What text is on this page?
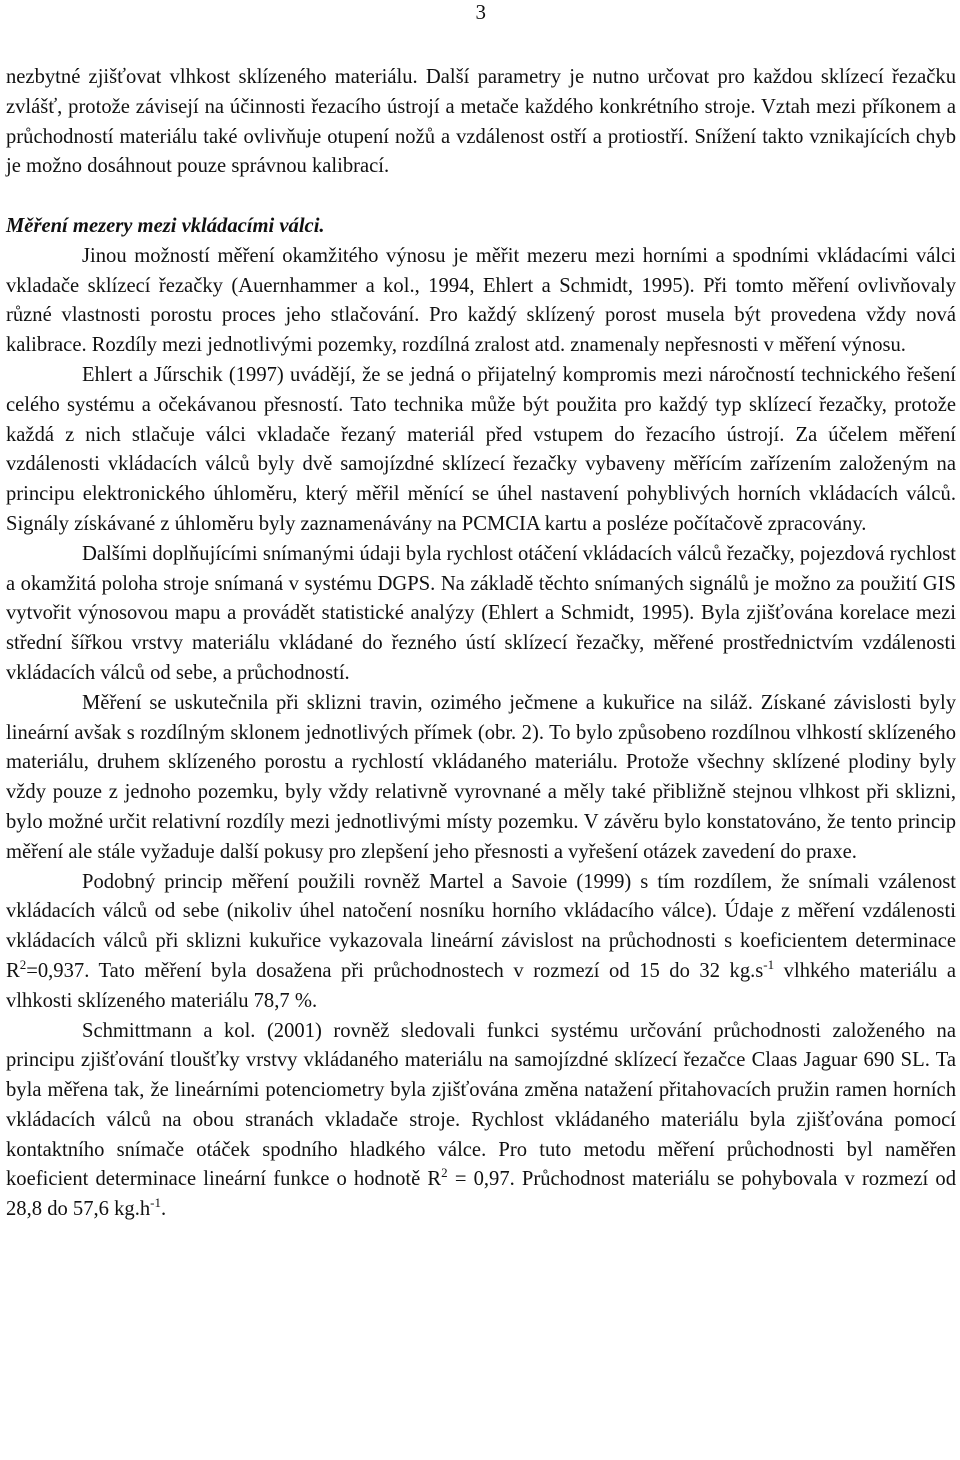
3

nezbytné zjišťovat vlhkost sklízeného materiálu. Další parametry je nutno určovat pro každou sklízecí řezačku zvlášť, protože závisejí na účinnosti řezacího ústrojí a metače každého konkrétního stroje. Vztah mezi příkonem a průchodností materiálu také ovlivňuje otupení nožů a vzdálenost ostří a protiostří. Snížení takto vznikajících chyb je možno dosáhnout pouze správnou kalibrací.

Měření mezery mezi vkládacími válci.

Jinou možností měření okamžitého výnosu je měřit mezeru mezi horními a spodními vkládacími válci vkladače sklízecí řezačky (Auernhammer a kol., 1994, Ehlert a Schmidt, 1995). Při tomto měření ovlivňovaly různé vlastnosti porostu proces jeho stlačování. Pro každý sklízený porost musela být provedena vždy nová kalibrace. Rozdíly mezi jednotlivými pozemky, rozdílná zralost atd. znamenaly nepřesnosti v měření výnosu.

Ehlert a Jűrschik (1997) uvádějí, že se jedná o přijatelný kompromis mezi náročností technického řešení celého systému a očekávanou přesností. Tato technika může být použita pro každý typ sklízecí řezačky, protože každá z nich stlačuje válci vkladače řezaný materiál před vstupem do řezacího ústrojí. Za účelem měření vzdálenosti vkládacích válců byly dvě samojízdné sklízecí řezačky vybaveny měřícím zařízením založeným na principu elektronického úhloměru, který měřil měnící se úhel nastavení pohyblivých horních vkládacích válců. Signály získávané z úhloměru byly zaznamenávány na PCMCIA kartu a posléze počítačově zpracovány.

Dalšími doplňujícími snímanými údaji byla rychlost otáčení vkládacích válců řezačky, pojezdová rychlost a okamžitá poloha stroje snímaná v systému DGPS. Na základě těchto snímaných signálů je možno za použití GIS vytvořit výnosovou mapu a provádět statistické analýzy (Ehlert a Schmidt, 1995). Byla zjišťována korelace mezi střední šířkou vrstvy materiálu vkládané do řezného ústí sklízecí řezačky, měřené prostřednictvím vzdálenosti vkládacích válců od sebe, a průchodností.

Měření se uskutečnila při sklizni travin, ozimého ječmene a kukuřice na siláž. Získané závislosti byly lineární avšak s rozdílným sklonem jednotlivých přímek (obr. 2). To bylo způsobeno rozdílnou vlhkostí sklízeného materiálu, druhem sklízeného porostu a rychlostí vkládaného materiálu. Protože všechny sklízené plodiny byly vždy pouze z jednoho pozemku, byly vždy relativně vyrovnané a měly také přibližně stejnou vlhkost při sklizni, bylo možné určit relativní rozdíly mezi jednotlivými místy pozemku. V závěru bylo konstatováno, že tento princip měření ale stále vyžaduje další pokusy pro zlepšení jeho přesnosti a vyřešení otázek zavedení do praxe.

Podobný princip měření použili rovněž Martel a Savoie (1999) s tím rozdílem, že snímali vzálenost vkládacích válců od sebe (nikoliv úhel natočení nosníku horního vkládacího válce). Údaje z měření vzdálenosti vkládacích válců při sklizni kukuřice vykazovala lineární závislost na průchodnosti s koeficientem determinace $R^2=0,937$. Tato měření byla dosažena při průchodnostech v rozmezí od 15 do 32 $kg.s^{-1}$ vlhkého materiálu a vlhkosti sklízeného materiálu 78,7 %.

Schmittmann a kol. (2001) rovněž sledovali funkci systému určování průchodnosti založeného na principu zjišťování tloušťky vrstvy vkládaného materiálu na samojízdné sklízecí řezačce Claas Jaguar 690 SL. Ta byla měřena tak, že lineárními potenciometry byla zjišťována změna natažení přitahovacích pružin ramen horních vkládacích válců na obou stranách vkladače stroje. Rychlost vkládaného materiálu byla zjišťována pomocí kontaktního snímače otáček spodního hladkého válce. Pro tuto metodu měření průchodnosti byl naměřen koeficient determinace lineární funkce o hodnotě $R^2 = 0,97$. Průchodnost materiálu se pohybovala v rozmezí od 28,8 do 57,6 $kg.h^{-1}$.
